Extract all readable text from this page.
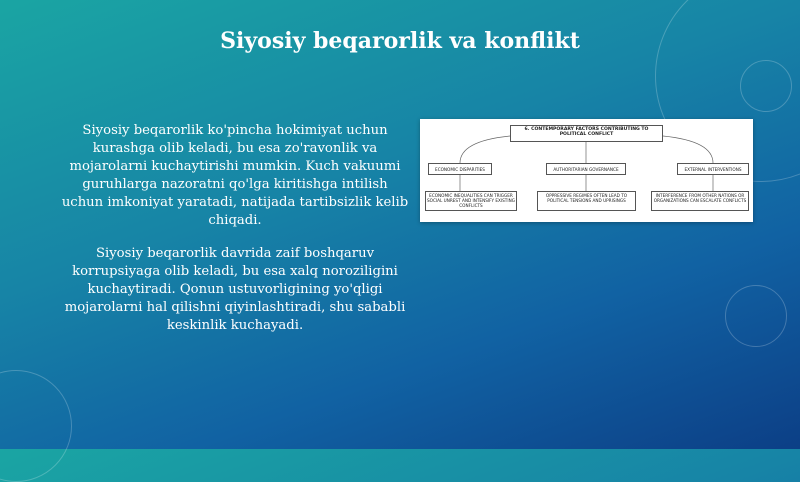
Siyosiy beqarorlik va konflikt

Siyosiy beqarorlik ko'pincha hokimiyat uchun kurashga olib keladi, bu esa zo'ravonlik va mojarolarni kuchaytirishi mumkin. Kuch vakuumi guruhlarga nazoratni qo'lga kiritishga intilish uchun imkoniyat yaratadi, natijada tartibsizlik kelib chiqadi.

Siyosiy beqarorlik davrida zaif boshqaruv korrupsiyaga olib keladi, bu esa xalq noroziligini kuchaytiradi. Qonun ustuvorligining yo'qligi mojarolarni hal qilishni qiyinlashtiradi, shu sababli keskinlik kuchayadi.

6. CONTEMPORARY FACTORS CONTRIBUTING TO POLITICAL CONFLICT
ECONOMIC DISPARITIES	AUTHORITARIAN GOVERNANCE	EXTERNAL INTERVENTIONS
ECONOMIC INEQUALITIES CAN TRIGGER SOCIAL UNREST AND INTENSIFY EXISTING CONFLICTS
OPPRESSIVE REGIMES OFTEN LEAD TO POLITICAL TENSIONS AND UPRISINGS
INTERFERENCE FROM OTHER NATIONS OR ORGANIZATIONS CAN ESCALATE CONFLICTS
